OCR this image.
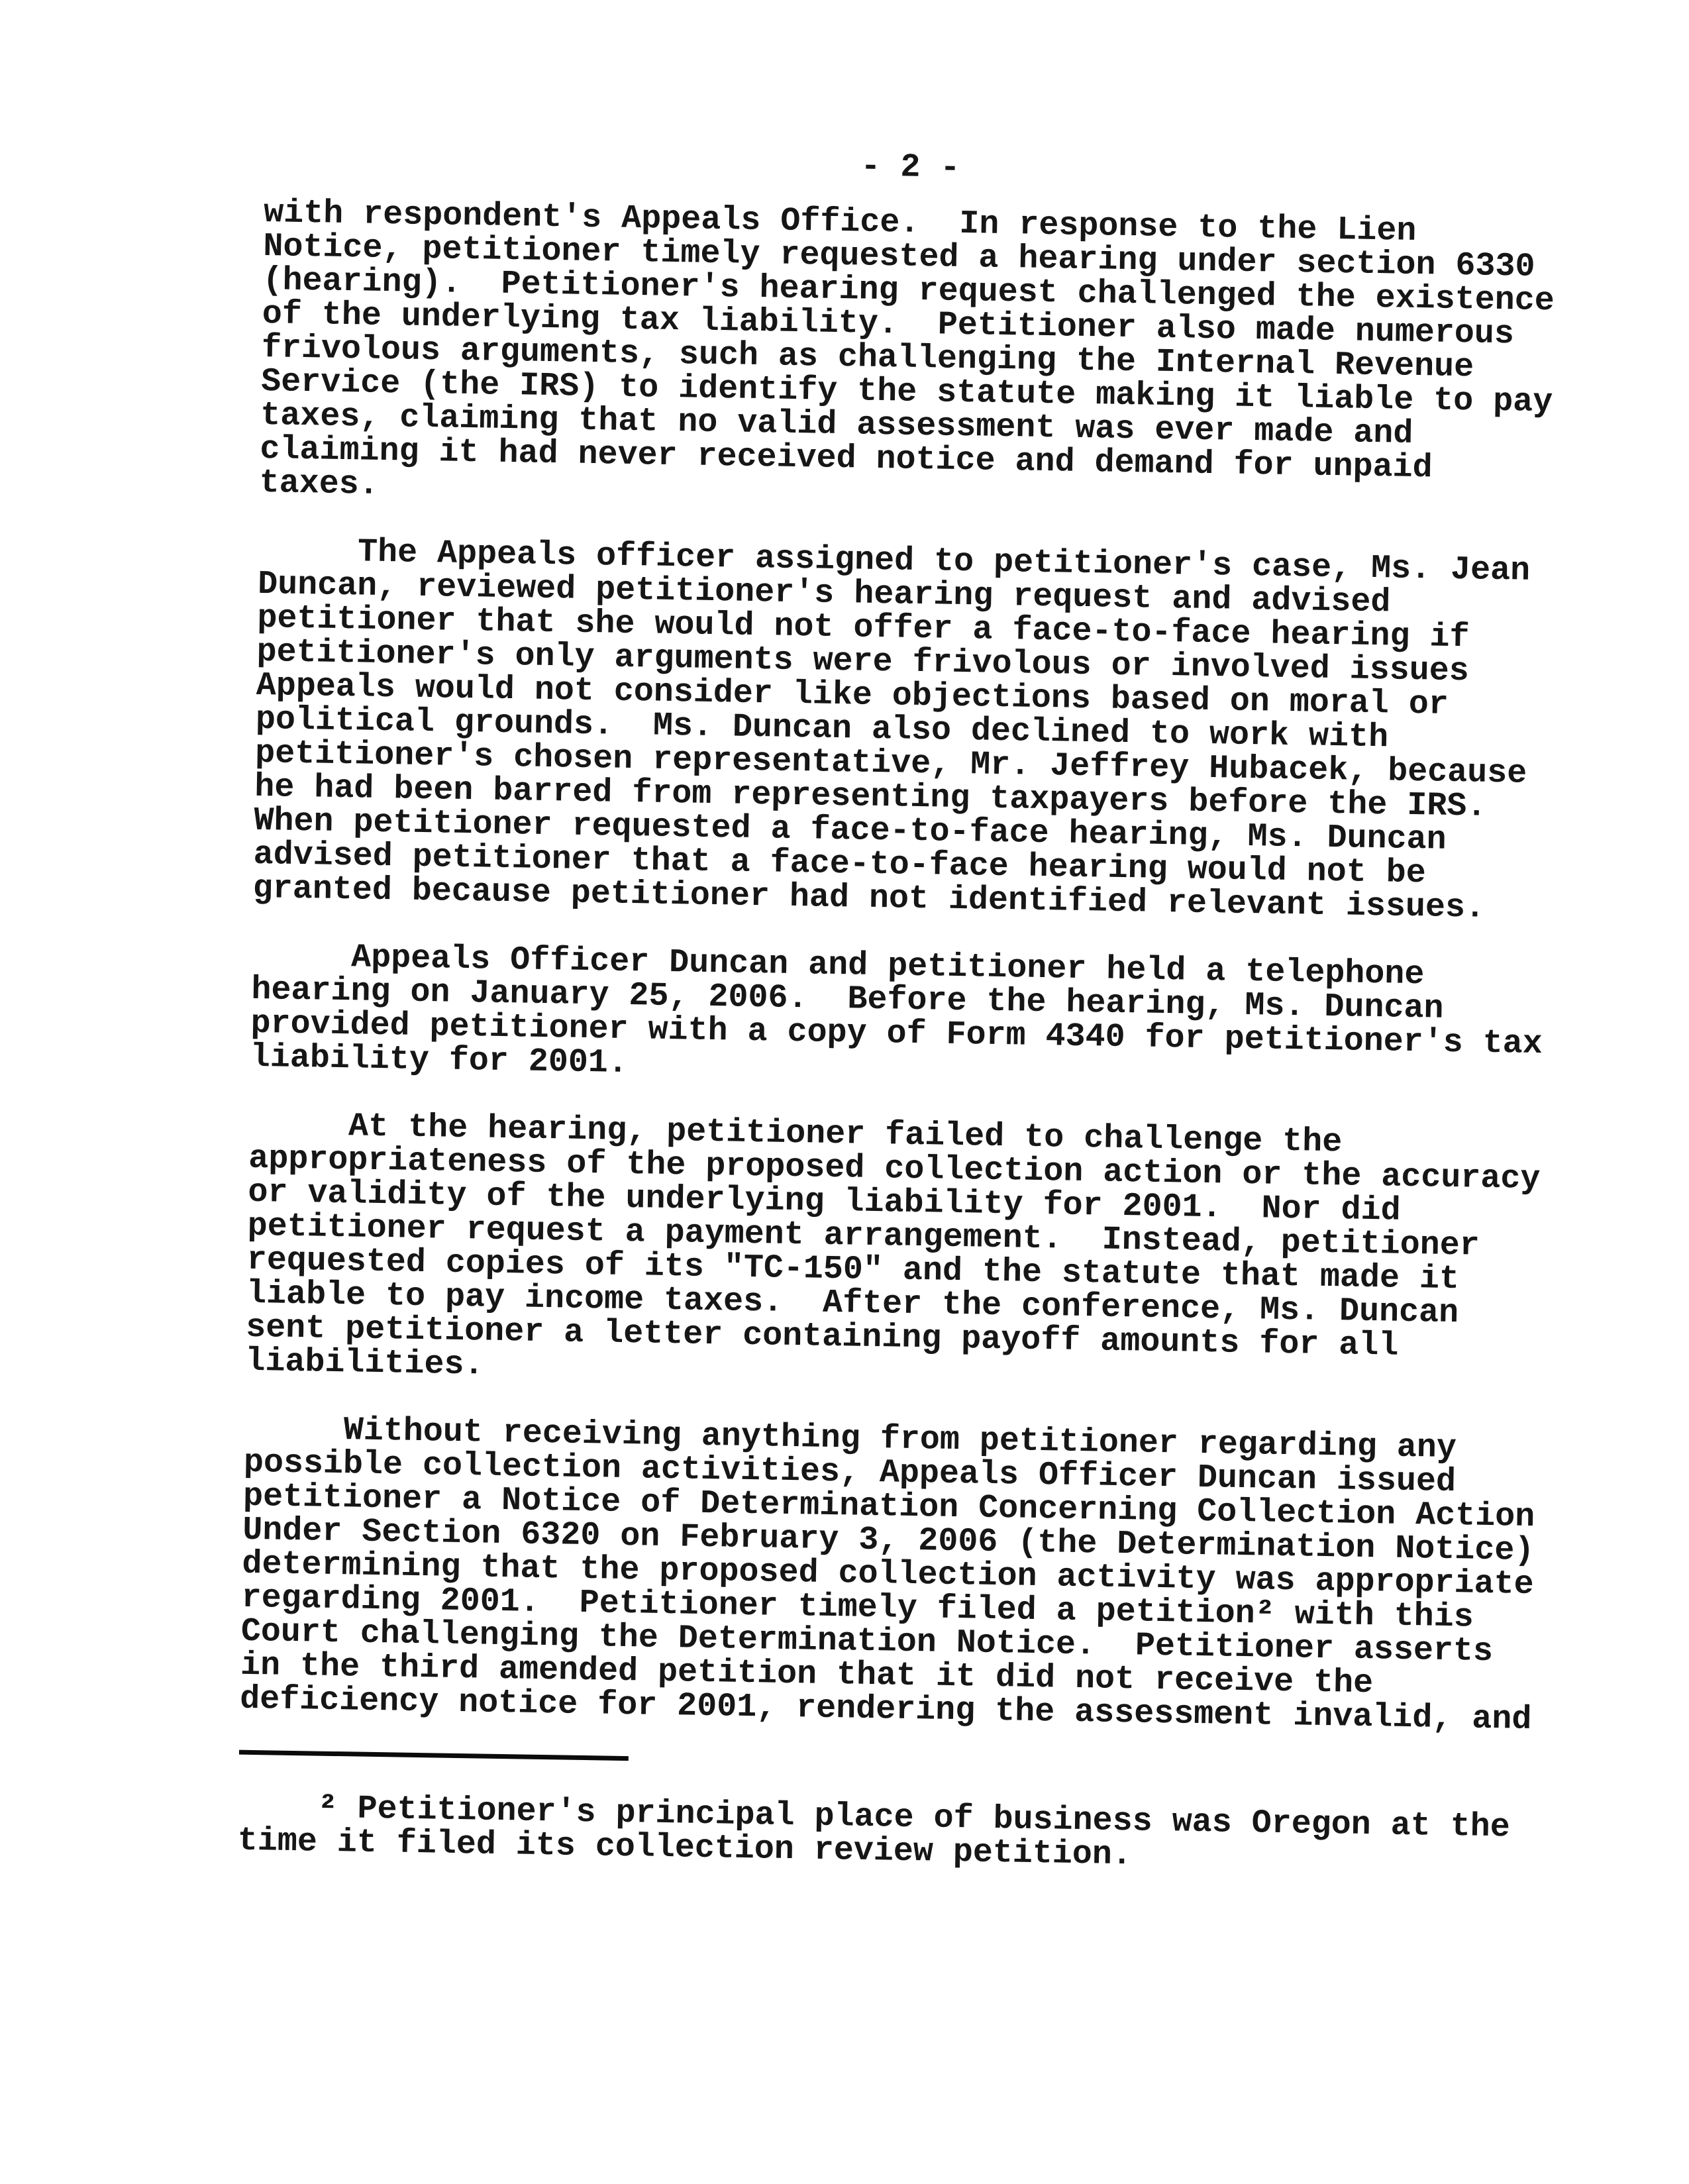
- 2 -
with respondent's Appeals Office.  In response to the Lien
Notice, petitioner timely requested a hearing under section 6330
(hearing).  Petitioner's hearing request challenged the existence
of the underlying tax liability.  Petitioner also made numerous
frivolous arguments, such as challenging the Internal Revenue
Service (the IRS) to identify the statute making it liable to pay
taxes, claiming that no valid assessment was ever made and
claiming it had never received notice and demand for unpaid
taxes.
The Appeals officer assigned to petitioner's case, Ms. Jean
Duncan, reviewed petitioner's hearing request and advised
petitioner that she would not offer a face-to-face hearing if
petitioner's only arguments were frivolous or involved issues
Appeals would not consider like objections based on moral or
political grounds.  Ms. Duncan also declined to work with
petitioner's chosen representative, Mr. Jeffrey Hubacek, because
he had been barred from representing taxpayers before the IRS.
When petitioner requested a face-to-face hearing, Ms. Duncan
advised petitioner that a face-to-face hearing would not be
granted because petitioner had not identified relevant issues.
Appeals Officer Duncan and petitioner held a telephone
hearing on January 25, 2006.  Before the hearing, Ms. Duncan
provided petitioner with a copy of Form 4340 for petitioner's tax
liability for 2001.
At the hearing, petitioner failed to challenge the
appropriateness of the proposed collection action or the accuracy
or validity of the underlying liability for 2001.  Nor did
petitioner request a payment arrangement.  Instead, petitioner
requested copies of its "TC-150" and the statute that made it
liable to pay income taxes.  After the conference, Ms. Duncan
sent petitioner a letter containing payoff amounts for all
liabilities.
Without receiving anything from petitioner regarding any
possible collection activities, Appeals Officer Duncan issued
petitioner a Notice of Determination Concerning Collection Action
Under Section 6320 on February 3, 2006 (the Determination Notice)
determining that the proposed collection activity was appropriate
regarding 2001.  Petitioner timely filed a petition² with this
Court challenging the Determination Notice.  Petitioner asserts
in the third amended petition that it did not receive the
deficiency notice for 2001, rendering the assessment invalid, and
² Petitioner's principal place of business was Oregon at the
time it filed its collection review petition.
